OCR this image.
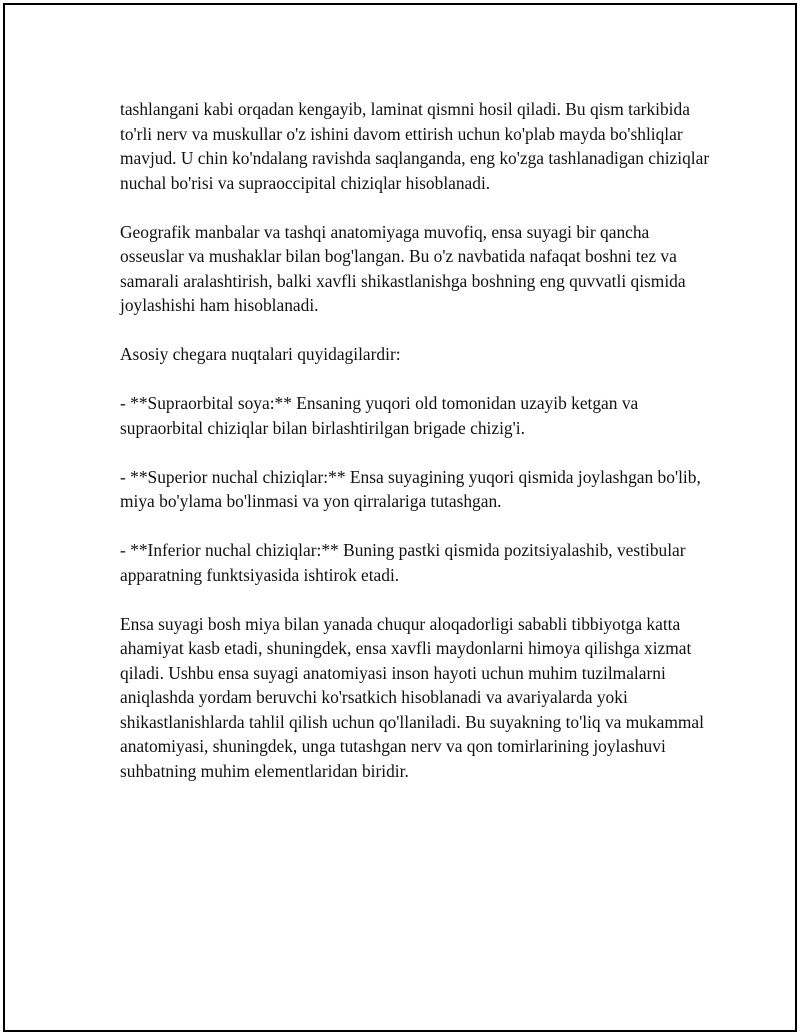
tashlangani kabi orqadan kengayib, laminat qismni hosil qiladi. Bu qism tarkibida to'rli nerv va muskullar o'z ishini davom ettirish uchun ko'plab mayda bo'shliqlar mavjud. U chin ko'ndalang ravishda saqlanganda, eng ko'zga tashlanadigan chiziqlar nuchal bo'risi va supraoccipital chiziqlar hisoblanadi.

Geografik manbalar va tashqi anatomiyaga muvofiq, ensa suyagi bir qancha osseuslar va mushaklar bilan bog'langan. Bu o'z navbatida nafaqat boshni tez va samarali aralashtirish, balki xavfli shikastlanishga boshning eng quvvatli qismida joylashishi ham hisoblanadi.

Asosiy chegara nuqtalari quyidagilardir:

- **Supraorbital soya:** Ensaning yuqori old tomonidan uzayib ketgan va supraorbital chiziqlar bilan birlashtirilgan brigade chizig'i.

- **Superior nuchal chiziqlar:** Ensa suyagining yuqori qismida joylashgan bo'lib, miya bo'ylama bo'linmasi va yon qirralariga tutashgan.

- **Inferior nuchal chiziqlar:** Buning pastki qismida pozitsiyalashib, vestibular apparatning funktsiyasida ishtirok etadi.

Ensa suyagi bosh miya bilan yanada chuqur aloqadorligi sababli tibbiyotga katta ahamiyat kasb etadi, shuningdek, ensa xavfli maydonlarni himoya qilishga xizmat qiladi. Ushbu ensa suyagi anatomiyasi inson hayoti uchun muhim tuzilmalarni aniqlashda yordam beruvchi ko'rsatkich hisoblanadi va avariyalarda yoki shikastlanishlarda tahlil qilish uchun qo'llaniladi. Bu suyakning to'liq va mukammal anatomiyasi, shuningdek, unga tutashgan nerv va qon tomirlarining joylashuvi suhbatning muhim elementlaridan biridir.
